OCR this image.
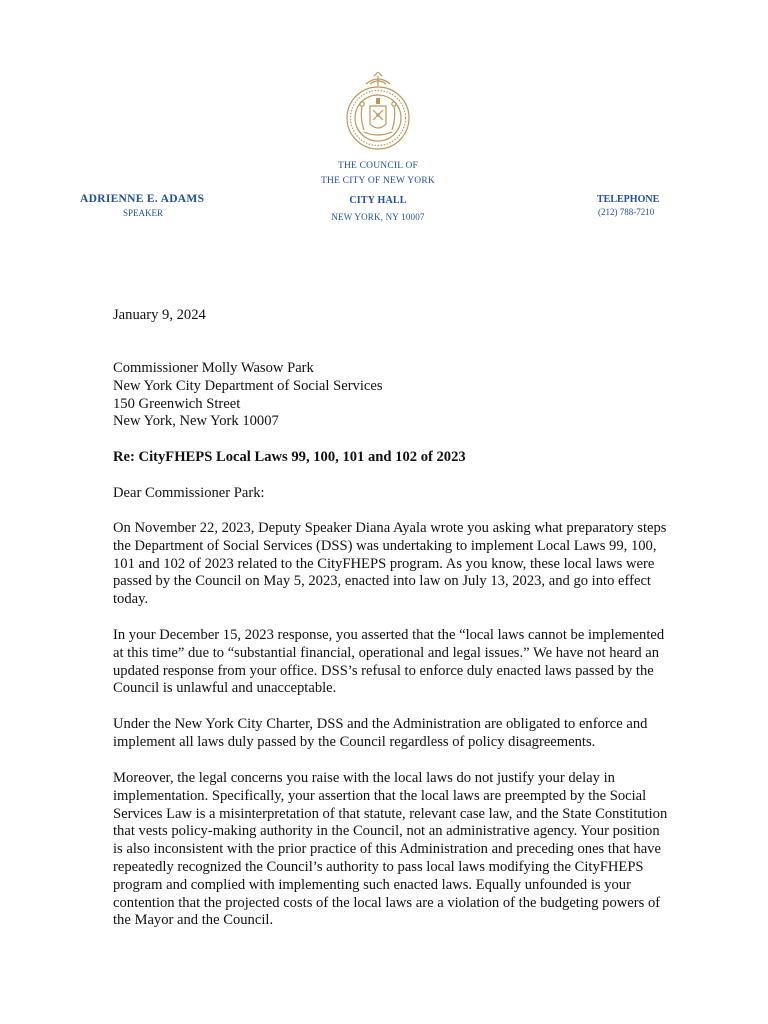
THE COUNCIL OF
THE CITY OF NEW YORK
CITY HALL
NEW YORK, NY 10007
ADRIENNE E. ADAMS
SPEAKER
TELEPHONE
(212) 788-7210
January 9, 2024
Commissioner Molly Wasow Park
New York City Department of Social Services
150 Greenwich Street
New York, New York 10007
Re: CityFHEPS Local Laws 99, 100, 101 and 102 of 2023
Dear Commissioner Park:
On November 22, 2023, Deputy Speaker Diana Ayala wrote you asking what preparatory steps the Department of Social Services (DSS) was undertaking to implement Local Laws 99, 100, 101 and 102 of 2023 related to the CityFHEPS program. As you know, these local laws were passed by the Council on May 5, 2023, enacted into law on July 13, 2023, and go into effect today.
In your December 15, 2023 response, you asserted that the “local laws cannot be implemented at this time” due to “substantial financial, operational and legal issues.” We have not heard an updated response from your office. DSS’s refusal to enforce duly enacted laws passed by the Council is unlawful and unacceptable.
Under the New York City Charter, DSS and the Administration are obligated to enforce and implement all laws duly passed by the Council regardless of policy disagreements.
Moreover, the legal concerns you raise with the local laws do not justify your delay in implementation. Specifically, your assertion that the local laws are preempted by the Social Services Law is a misinterpretation of that statute, relevant case law, and the State Constitution that vests policy-making authority in the Council, not an administrative agency. Your position is also inconsistent with the prior practice of this Administration and preceding ones that have repeatedly recognized the Council’s authority to pass local laws modifying the CityFHEPS program and complied with implementing such enacted laws. Equally unfounded is your contention that the projected costs of the local laws are a violation of the budgeting powers of the Mayor and the Council.
